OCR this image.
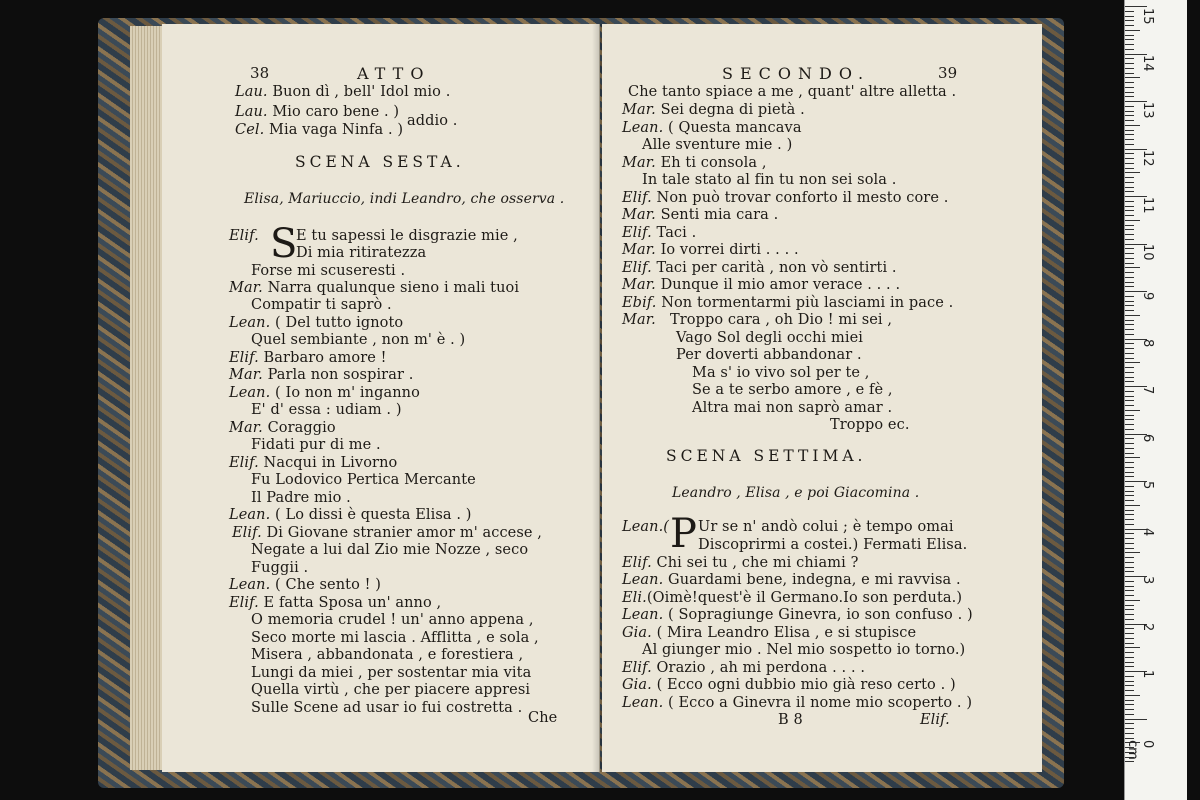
38	ATTO
Lau. Buon dì , bell' Idol mio .
Lau. Mio caro bene . )
addio .
Cel. Mia vaga Ninfa . )
SCENA SESTA.
Elisa, Mariuccio, indi Leandro, che osserva .
Elif. S
E tu sapessi le disgrazie mie ,
Di mia ritiratezza
Forse mi scuseresti .
Mar. Narra qualunque sieno i mali tuoi
Compatir ti saprò .
Lean. ( Del tutto ignoto
Quel sembiante , non m' è . )
Elif. Barbaro amore !
Mar. Parla non sospirar .
Lean. ( Io non m' inganno
E' d' essa : udiam . )
Mar. Coraggio
Fidati pur di me .
Elif. Nacqui in Livorno
Fu Lodovico Pertica Mercante
Il Padre mio .
Lean. ( Lo dissi è questa Elisa . )
Elif. Di Giovane stranier amor m' accese ,
Negate a lui dal Zio mie Nozze , seco
Fuggii .
Lean. ( Che sento ! )
Elif. E fatta Sposa un' anno ,
O memoria crudel ! un' anno appena ,
Seco morte mi lascia . Afflitta , e sola ,
Misera , abbandonata , e forestiera ,
Lungi da miei , per sostentar mia vita
Quella virtù , che per piacere appresi
Sulle Scene ad usar io fui costretta .
Che
SECONDO.	39
Che tanto spiace a me , quant' altre alletta .
Mar. Sei degna di pietà .
Lean. ( Questa mancava
Alle sventure mie . )
Mar. Eh ti consola ,
In tale stato al fin tu non sei sola .
Elif. Non può trovar conforto il mesto core .
Mar. Senti mia cara .
Elif. Taci .
Mar. Io vorrei dirti . . . .
Elif. Taci per carità , non vò sentirti .
Mar. Dunque il mio amor verace . . . .
Ebif. Non tormentarmi più lasciami in pace .
Mar. Troppo cara , oh Dio ! mi sei ,
Vago Sol degli occhi miei
Per doverti abbandonar .
Ma s' io vivo sol per te ,
Se a te serbo amore , e fè ,
Altra mai non saprò amar .
Troppo ec.
SCENA SETTIMA.
Leandro , Elisa , e poi Giacomina .
Lean.( P Ur se n' andò colui ; è tempo omai
Discoprirmi a costei.) Fermati Elisa.
Elif. Chi sei tu , che mi chiami ?
Lean. Guardami bene, indegna, e mi ravvisa .
Eli.(Oimè!quest'è il Germano.Io son perduta.)
Lean. ( Sopragiunge Ginevra, io son confuso . )
Gia. ( Mira Leandro Elisa , e si stupisce
Al giunger mio . Nel mio sospetto io torno.)
Elif. Orazio , ah mi perdona . . . .
Gia. ( Ecco ogni dubbio mio già reso certo . )
Lean. ( Ecco a Ginevra il nome mio scoperto . )
B 8	Elif.
15
14
13
12
11
10
9
8
7
6
5
4
3
2
1
0 cm
